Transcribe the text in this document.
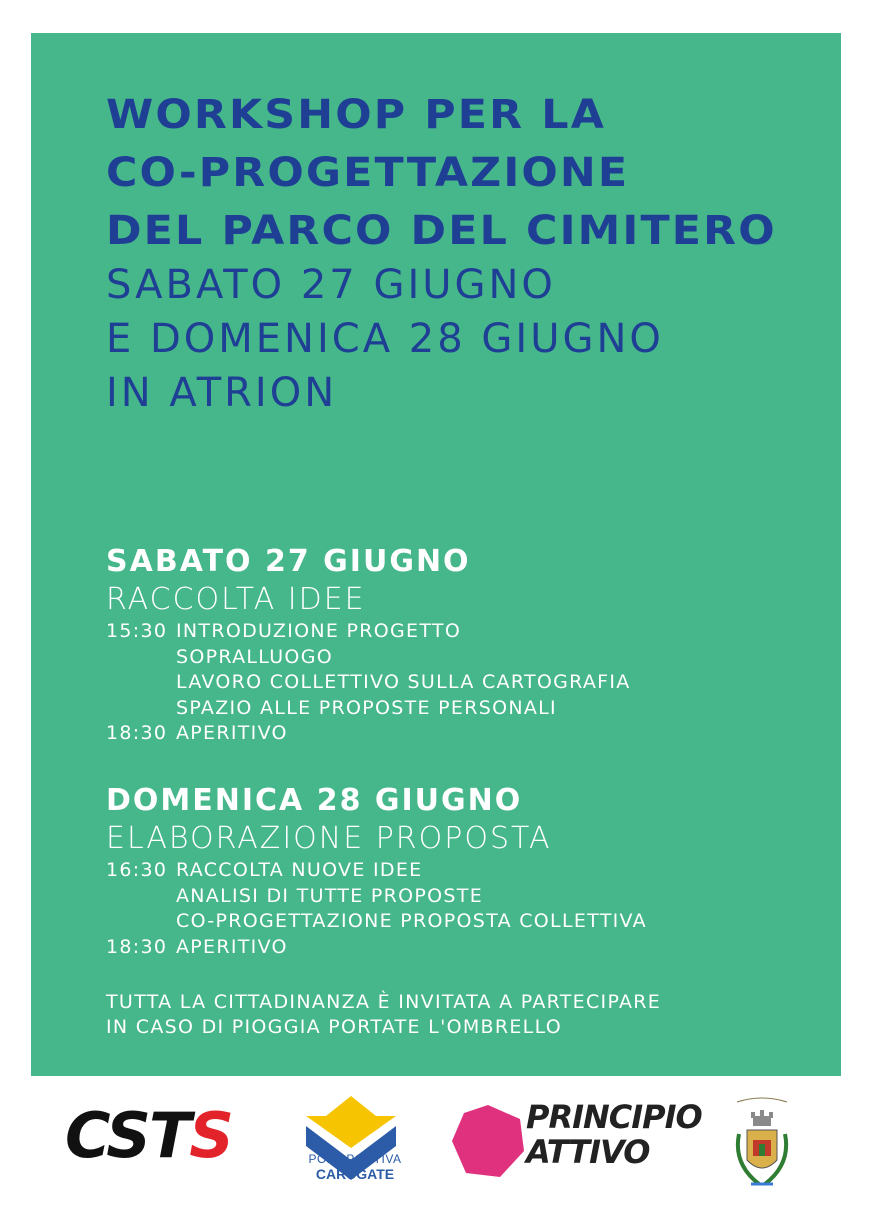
WORKSHOP PER LA
CO-PROGETTAZIONE
DEL PARCO DEL CIMITERO
SABATO 27 GIUGNO
E DOMENICA 28 GIUGNO
IN ATRION
SABATO 27 GIUGNO
RACCOLTA IDEE
15:30 INTRODUZIONE PROGETTO
SOPRALLUOGO
LAVORO COLLETTIVO SULLA CARTOGRAFIA
SPAZIO ALLE PROPOSTE PERSONALI
18:30 APERITIVO
DOMENICA 28 GIUGNO
ELABORAZIONE PROPOSTA
16:30 RACCOLTA NUOVE IDEE
ANALISI DI TUTTE PROPOSTE
CO-PROGETTAZIONE PROPOSTA COLLETTIVA
18:30 APERITIVO
TUTTA LA CITTADINANZA È INVITATA A PARTECIPARE
IN CASO DI PIOGGIA PORTATE L'OMBRELLO
CSTS	POLISPORTIVA
CARUGATE
PRINCIPIO
ATTIVO
